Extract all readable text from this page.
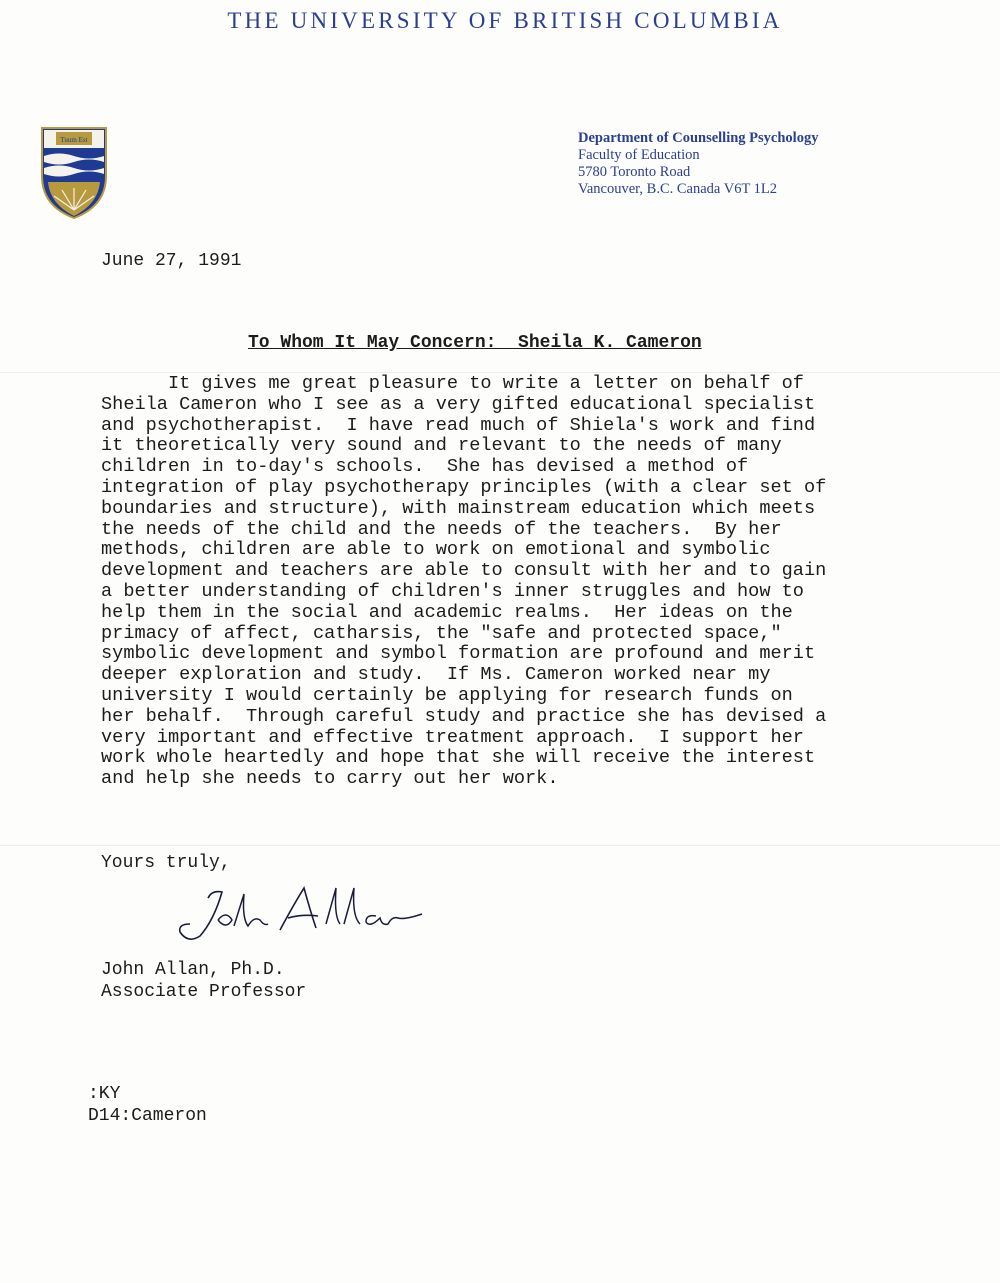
THE UNIVERSITY OF BRITISH COLUMBIA
Tuum Est	Department of Counselling Psychology
Faculty of Education
5780 Toronto Road
Vancouver, B.C. Canada V6T 1L2
June 27, 1991
To Whom It May Concern:  Sheila K. Cameron
It gives me great pleasure to write a letter on behalf of
Sheila Cameron who I see as a very gifted educational specialist
and psychotherapist.  I have read much of Shiela's work and find
it theoretically very sound and relevant to the needs of many
children in to-day's schools.  She has devised a method of
integration of play psychotherapy principles (with a clear set of
boundaries and structure), with mainstream education which meets
the needs of the child and the needs of the teachers.  By her
methods, children are able to work on emotional and symbolic
development and teachers are able to consult with her and to gain
a better understanding of children's inner struggles and how to
help them in the social and academic realms.  Her ideas on the
primacy of affect, catharsis, the "safe and protected space,"
symbolic development and symbol formation are profound and merit
deeper exploration and study.  If Ms. Cameron worked near my
university I would certainly be applying for research funds on
her behalf.  Through careful study and practice she has devised a
very important and effective treatment approach.  I support her
work whole heartedly and hope that she will receive the interest
and help she needs to carry out her work.
Yours truly,
John Allan, Ph.D.
Associate Professor
:KY
D14:Cameron
